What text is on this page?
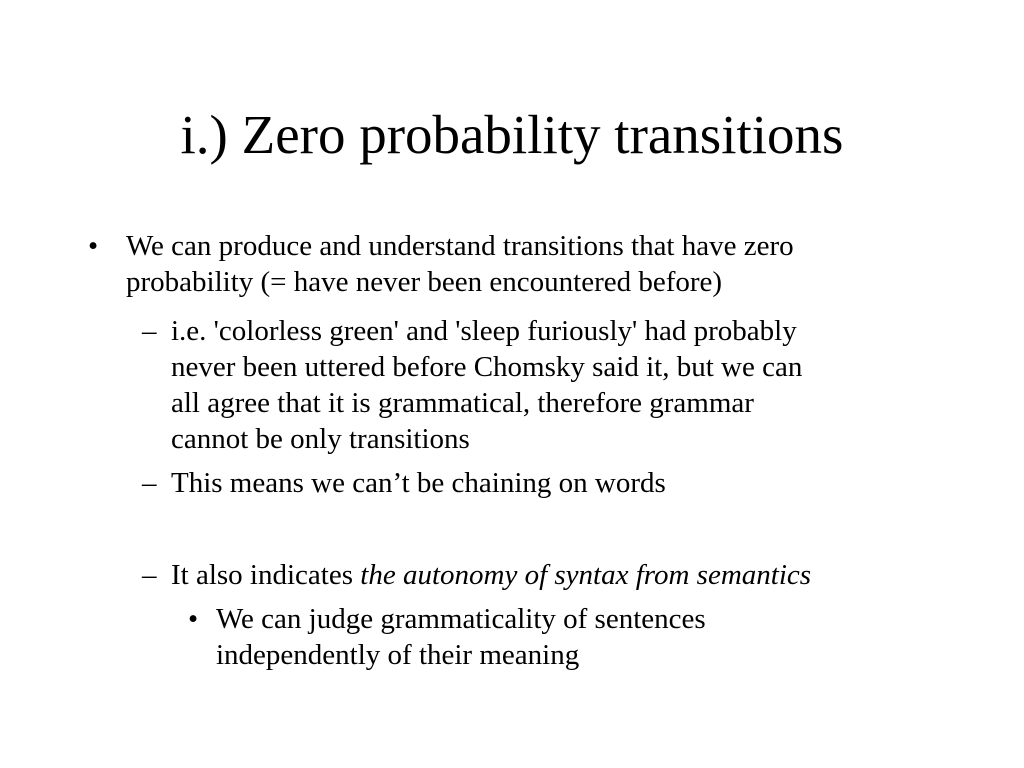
i.) Zero probability transitions
• We can produce and understand transitions that have zero
probability (= have never been encountered before)
– i.e. 'colorless green' and 'sleep furiously' had probably
never been uttered before Chomsky said it, but we can
all agree that it is grammatical, therefore grammar
cannot be only transitions
– This means we can’t be chaining on words
– It also indicates the autonomy of syntax from semantics
• We can judge grammaticality of sentences
independently of their meaning
